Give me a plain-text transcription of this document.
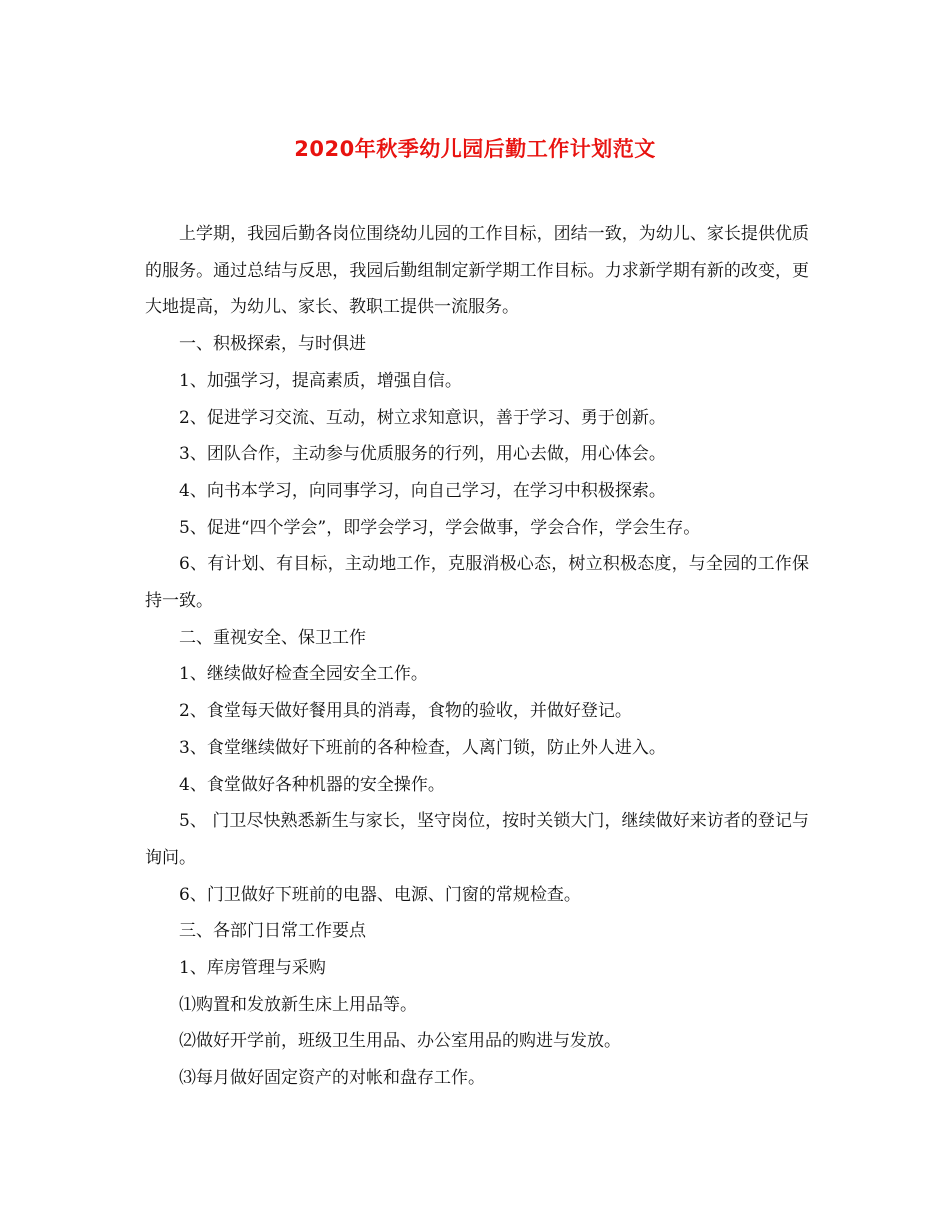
2020年秋季幼儿园后勤工作计划范文

上学期，我园后勤各岗位围绕幼儿园的工作目标，团结一致，为幼儿、家长提供优质的服务。通过总结与反思，我园后勤组制定新学期工作目标。力求新学期有新的改变，更大地提高，为幼儿、家长、教职工提供一流服务。

一、积极探索，与时俱进

1、加强学习，提高素质，增强自信。

2、促进学习交流、互动，树立求知意识，善于学习、勇于创新。

3、团队合作，主动参与优质服务的行列，用心去做，用心体会。

4、向书本学习，向同事学习，向自己学习，在学习中积极探索。

5、促进“四个学会”，即学会学习，学会做事，学会合作，学会生存。

6、有计划、有目标，主动地工作，克服消极心态，树立积极态度，与全园的工作保持一致。

二、重视安全、保卫工作

1、继续做好检查全园安全工作。

2、食堂每天做好餐用具的消毒，食物的验收，并做好登记。

3、食堂继续做好下班前的各种检查，人离门锁，防止外人进入。

4、食堂做好各种机器的安全操作。

5、 门卫尽快熟悉新生与家长，坚守岗位，按时关锁大门，继续做好来访者的登记与询问。

6、门卫做好下班前的电器、电源、门窗的常规检查。

三、各部门日常工作要点

1、库房管理与采购

⑴购置和发放新生床上用品等。

⑵做好开学前，班级卫生用品、办公室用品的购进与发放。

⑶每月做好固定资产的对帐和盘存工作。
